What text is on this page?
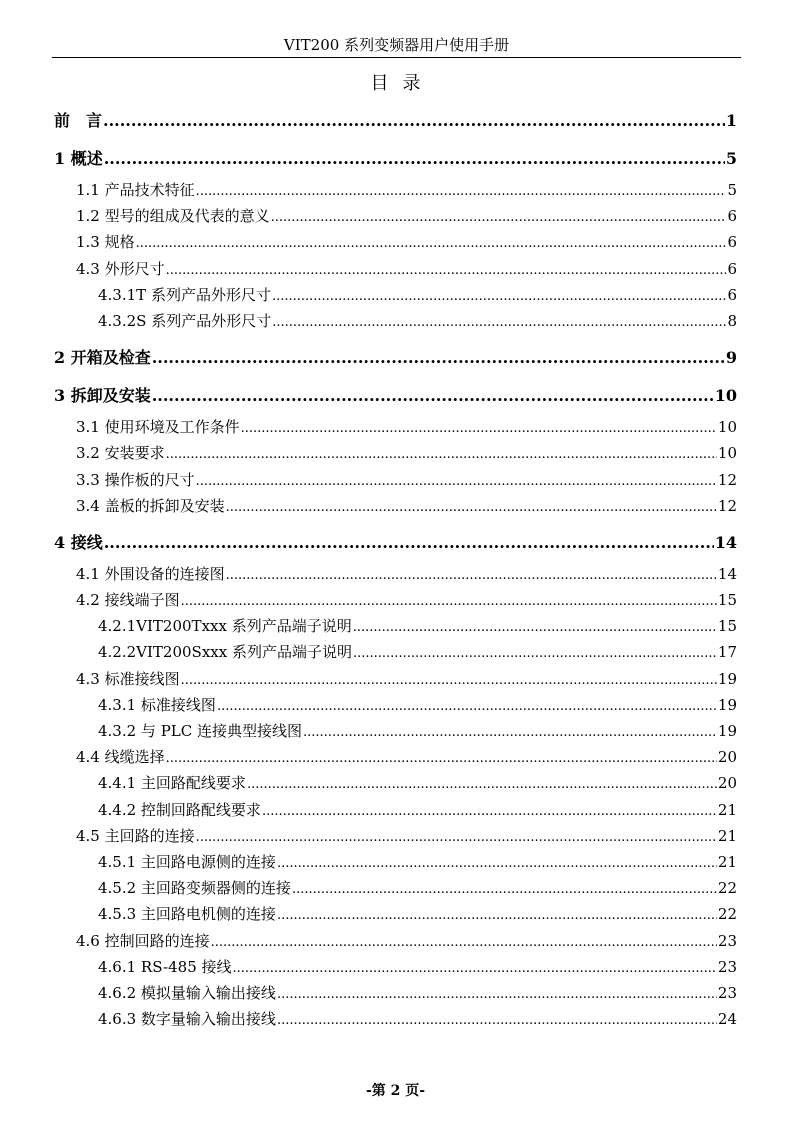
VIT200 系列变频器用户使用手册
目录
前　言 .....	1
1 概述 .....	5
1.1 产品技术特征 .....	5
1.2 型号的组成及代表的意义 .....	6
1.3 规格 .....	6
4.3 外形尺寸 .....	6
4.3.1T 系列产品外形尺寸 .....	6
4.3.2S 系列产品外形尺寸 .....	8
2 开箱及检查 .....	9
3 拆卸及安装 .....	10
3.1 使用环境及工作条件 .....	10
3.2 安装要求 .....	10
3.3 操作板的尺寸 .....	12
3.4 盖板的拆卸及安装 .....	12
4 接线 .....	14
4.1 外围设备的连接图 .....	14
4.2 接线端子图 .....	15
4.2.1VIT200Txxx 系列产品端子说明 .....	15
4.2.2VIT200Sxxx 系列产品端子说明 .....	17
4.3 标准接线图 .....	19
4.3.1 标准接线图 .....	19
4.3.2 与 PLC 连接典型接线图 .....	19
4.4 线缆选择 .....	20
4.4.1 主回路配线要求 .....	20
4.4.2 控制回路配线要求 .....	21
4.5 主回路的连接 .....	21
4.5.1 主回路电源侧的连接 .....	21
4.5.2 主回路变频器侧的连接 .....	22
4.5.3 主回路电机侧的连接 .....	22
4.6 控制回路的连接 .....	23
4.6.1 RS-485 接线 .....	23
4.6.2 模拟量输入输出接线 .....	23
4.6.3 数字量输入输出接线 .....	24
-第 2 页-
